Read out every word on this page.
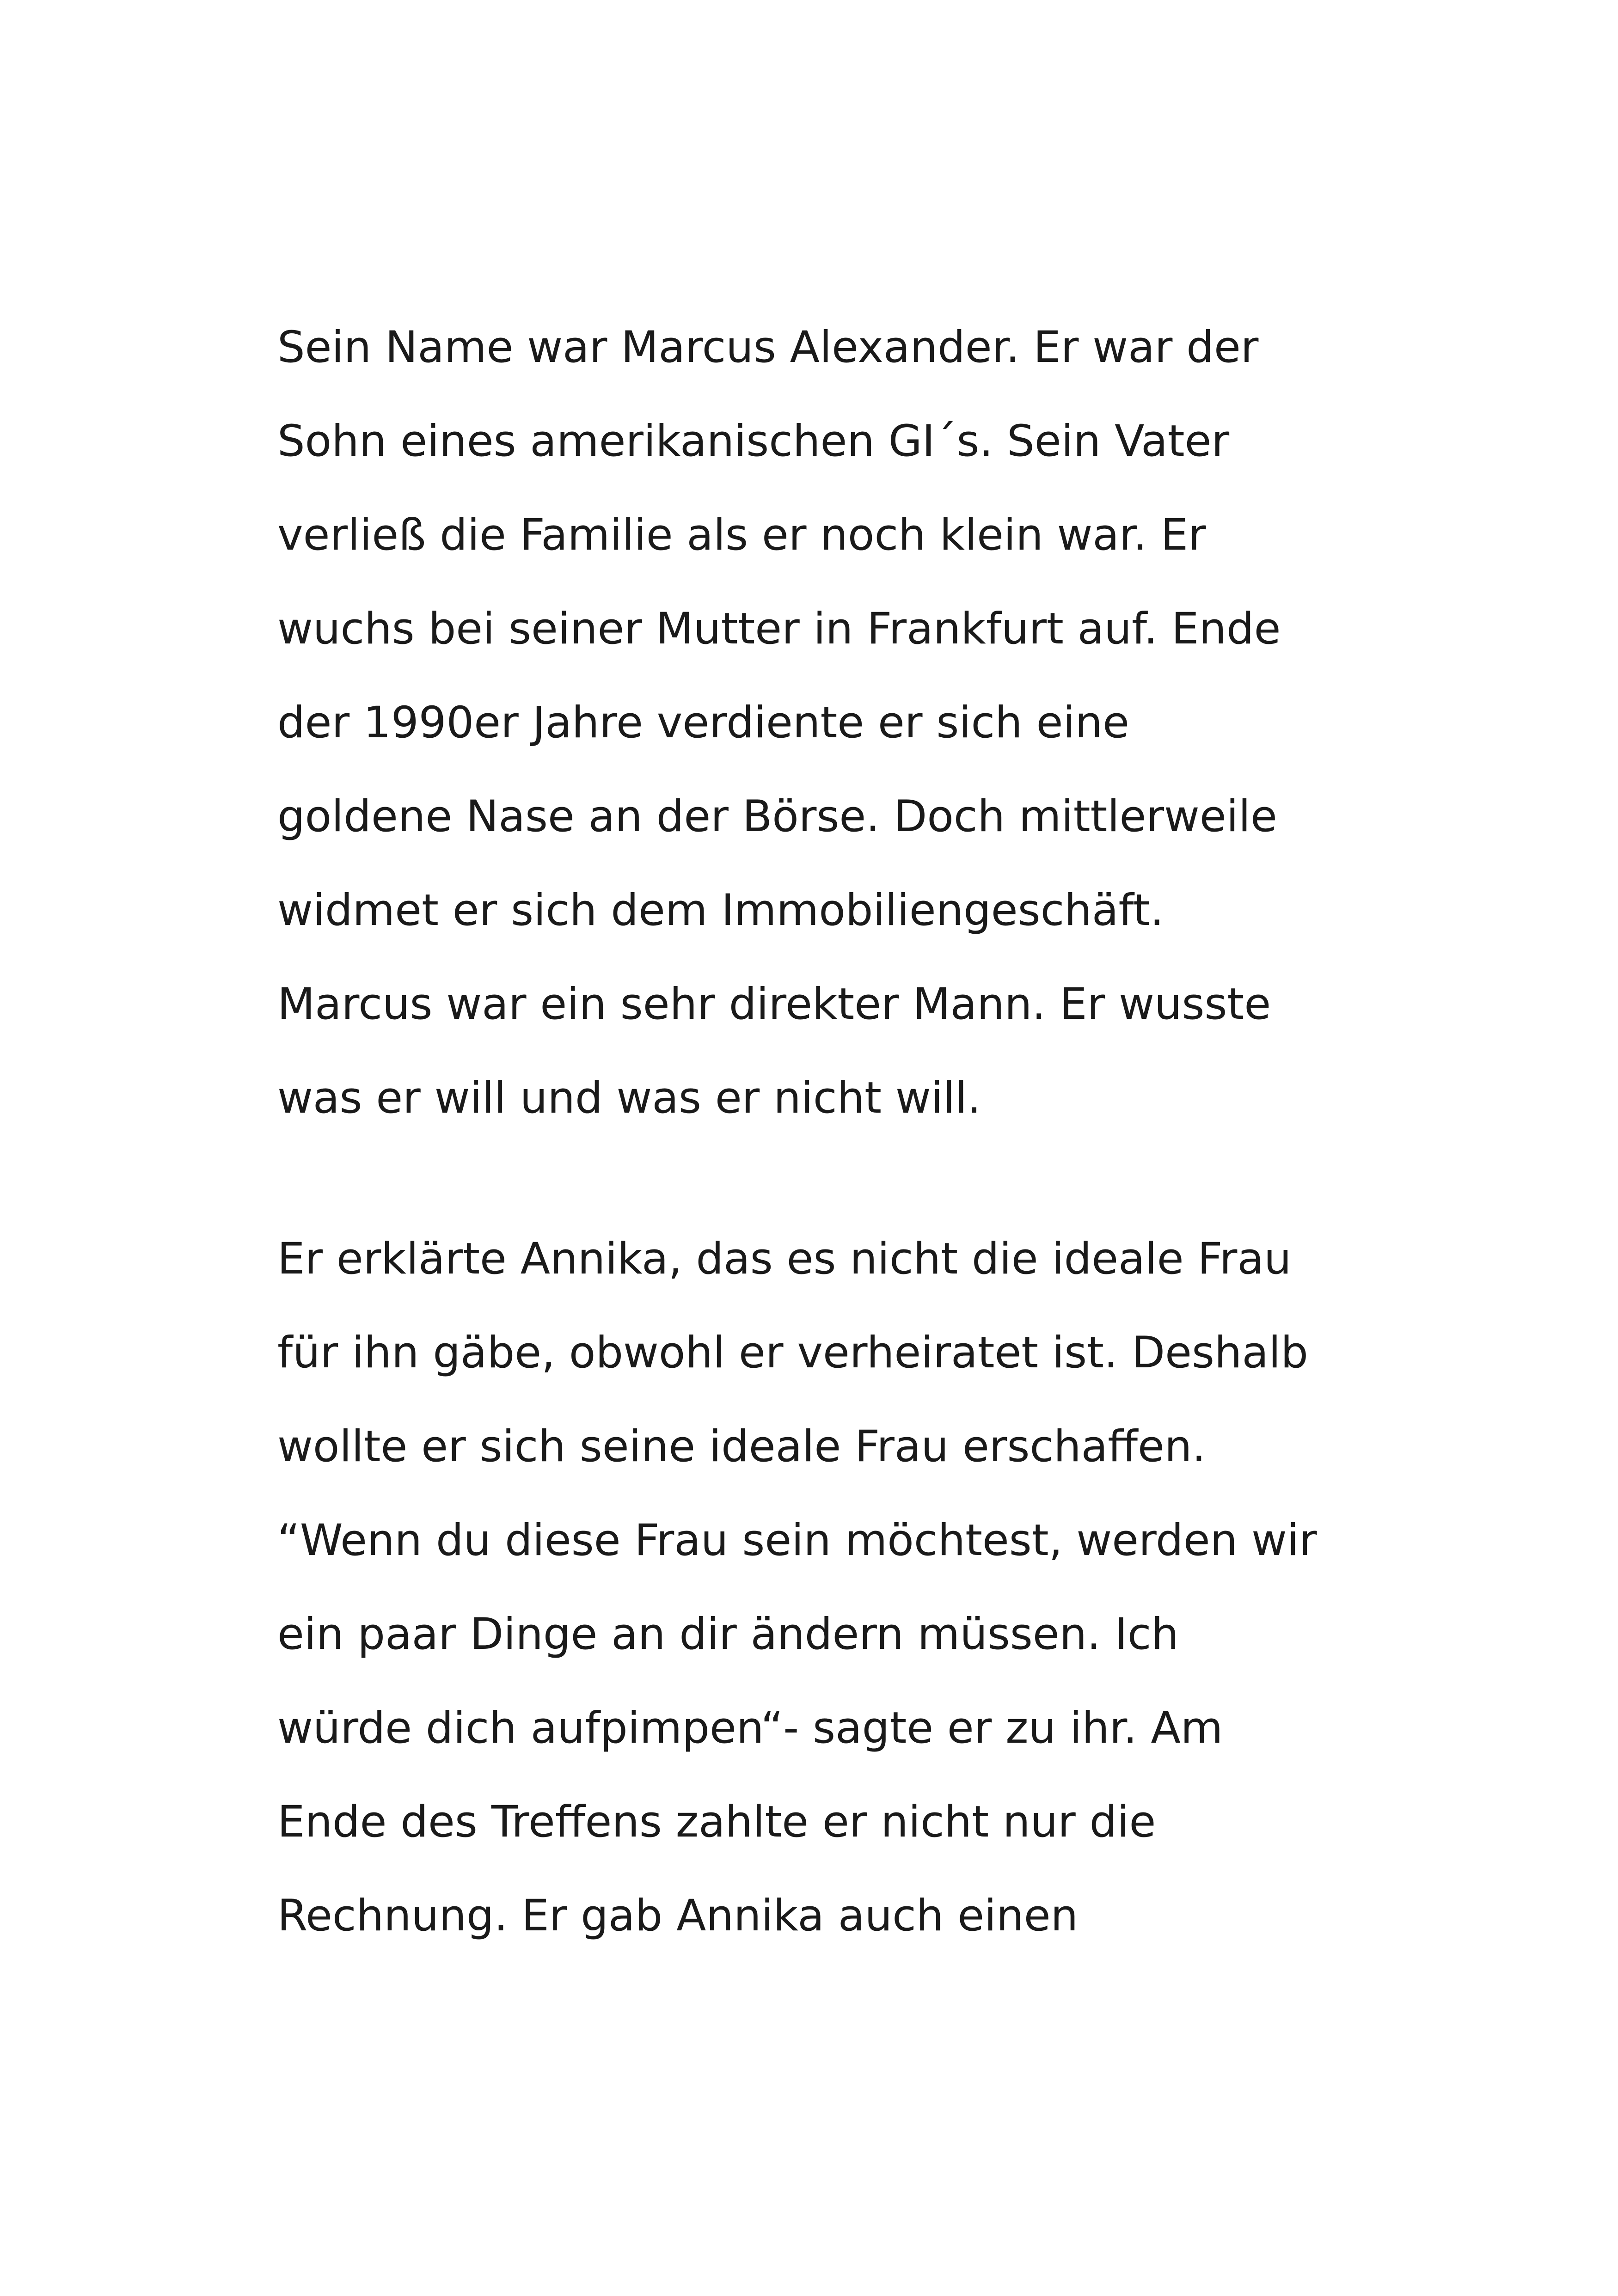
Sein Name war Marcus Alexander. Er war der
Sohn eines amerikanischen GI´s. Sein Vater
verließ die Familie als er noch klein war. Er
wuchs bei seiner Mutter in Frankfurt auf. Ende
der 1990er Jahre verdiente er sich eine
goldene Nase an der Börse. Doch mittlerweile
widmet er sich dem Immobiliengeschäft.
Marcus war ein sehr direkter Mann. Er wusste
was er will und was er nicht will.

Er erklärte Annika, das es nicht die ideale Frau
für ihn gäbe, obwohl er verheiratet ist. Deshalb
wollte er sich seine ideale Frau erschaffen.
“Wenn du diese Frau sein möchtest, werden wir
ein paar Dinge an dir ändern müssen. Ich
würde dich aufpimpen“- sagte er zu ihr. Am
Ende des Treffens zahlte er nicht nur die
Rechnung. Er gab Annika auch einen
